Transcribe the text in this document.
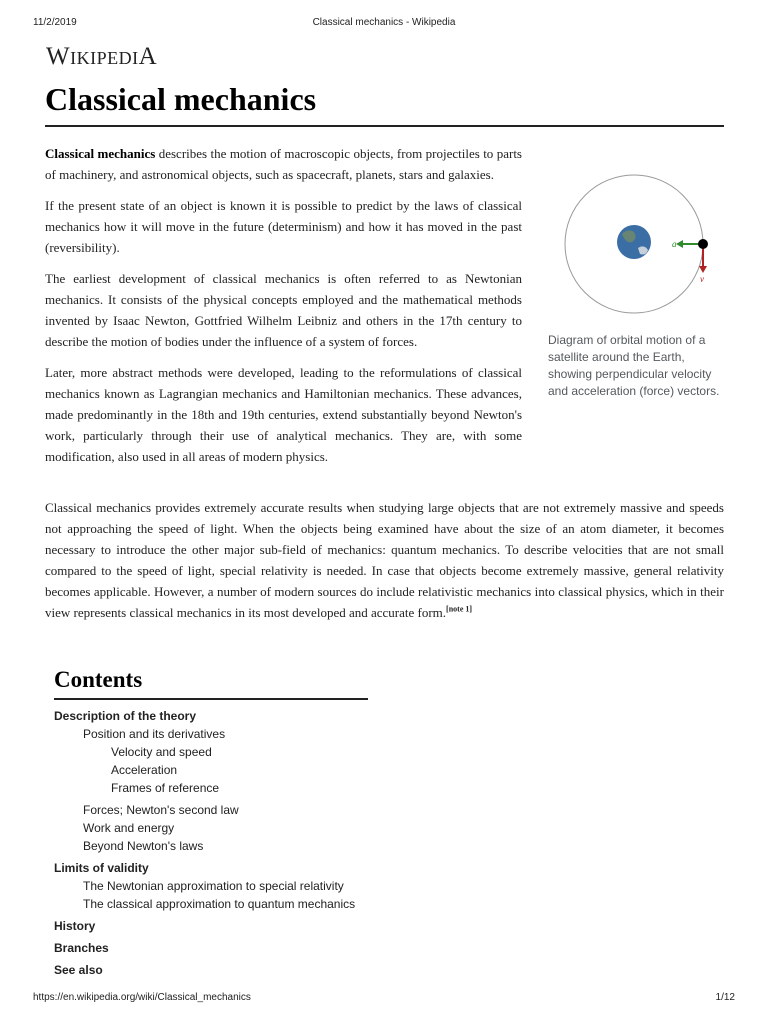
11/2/2019	Classical mechanics - Wikipedia
WIKIPEDIA
Classical mechanics

Classical mechanics describes the motion of macroscopic objects, from projectiles to parts of machinery, and astronomical objects, such as spacecraft, planets, stars and galaxies.

If the present state of an object is known it is possible to predict by the laws of classical mechanics how it will move in the future (determinism) and how it has moved in the past (reversibility).

The earliest development of classical mechanics is often referred to as Newtonian mechanics. It consists of the physical concepts employed and the mathematical methods invented by Isaac Newton, Gottfried Wilhelm Leibniz and others in the 17th century to describe the motion of bodies under the influence of a system of forces.

Later, more abstract methods were developed, leading to the reformulations of classical mechanics known as Lagrangian mechanics and Hamiltonian mechanics. These advances, made predominantly in the 18th and 19th centuries, extend substantially beyond Newton's work, particularly through their use of analytical mechanics. They are, with some modification, also used in all areas of modern physics.

a
v
Diagram of orbital motion of a satellite around the Earth, showing perpendicular velocity and acceleration (force) vectors.

Classical mechanics provides extremely accurate results when studying large objects that are not extremely massive and speeds not approaching the speed of light. When the objects being examined have about the size of an atom diameter, it becomes necessary to introduce the other major sub-field of mechanics: quantum mechanics. To describe velocities that are not small compared to the speed of light, special relativity is needed. In case that objects become extremely massive, general relativity becomes applicable. However, a number of modern sources do include relativistic mechanics into classical physics, which in their view represents classical mechanics in its most developed and accurate form.[note 1]

Contents
Description of the theory
Position and its derivatives
Velocity and speed
Acceleration
Frames of reference
Forces; Newton's second law
Work and energy
Beyond Newton's laws
Limits of validity
The Newtonian approximation to special relativity
The classical approximation to quantum mechanics
History
Branches
See also
https://en.wikipedia.org/wiki/Classical_mechanics	1/12
